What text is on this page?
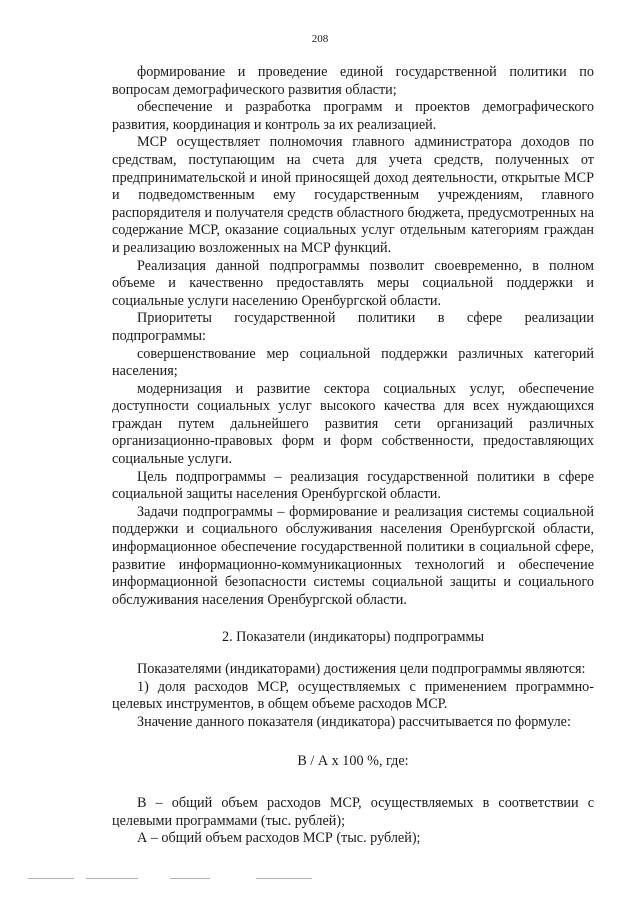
208

формирование и проведение единой государственной политики по вопросам демографического развития области;

обеспечение и разработка программ и проектов демографического развития, координация и контроль за их реализацией.

МСР осуществляет полномочия главного администратора доходов по средствам, поступающим на счета для учета средств, полученных от предпринимательской и иной приносящей доход деятельности, открытые МСР и подведомственным ему государственным учреждениям, главного распорядителя и получателя средств областного бюджета, предусмотренных на содержание МСР, оказание социальных услуг отдельным категориям граждан и реализацию возложенных на МСР функций.

Реализация данной подпрограммы позволит своевременно, в полном объеме и качественно предоставлять меры социальной поддержки и социальные услуги населению Оренбургской области.

Приоритеты государственной политики в сфере реализации подпрограммы:

совершенствование мер социальной поддержки различных категорий населения;

модернизация и развитие сектора социальных услуг, обеспечение доступности социальных услуг высокого качества для всех нуждающихся граждан путем дальнейшего развития сети организаций различных организационно-правовых форм и форм собственности, предоставляющих социальные услуги.

Цель подпрограммы – реализация государственной политики в сфере социальной защиты населения Оренбургской области.

Задачи подпрограммы – формирование и реализация системы социальной поддержки и социального обслуживания населения Оренбургской области, информационное обеспечение государственной политики в социальной сфере, развитие информационно-коммуникационных технологий и обеспечение информационной безопасности системы социальной защиты и социального обслуживания населения Оренбургской области.

2. Показатели (индикаторы) подпрограммы

Показателями (индикаторами) достижения цели подпрограммы являются:

1) доля расходов МСР, осуществляемых с применением программно-целевых инструментов, в общем объеме расходов МСР.

Значение данного показателя (индикатора) рассчитывается по формуле:

В / А х 100 %, где:

В – общий объем расходов МСР, осуществляемых в соответствии с целевыми программами (тыс. рублей);

А – общий объем расходов МСР (тыс. рублей);
